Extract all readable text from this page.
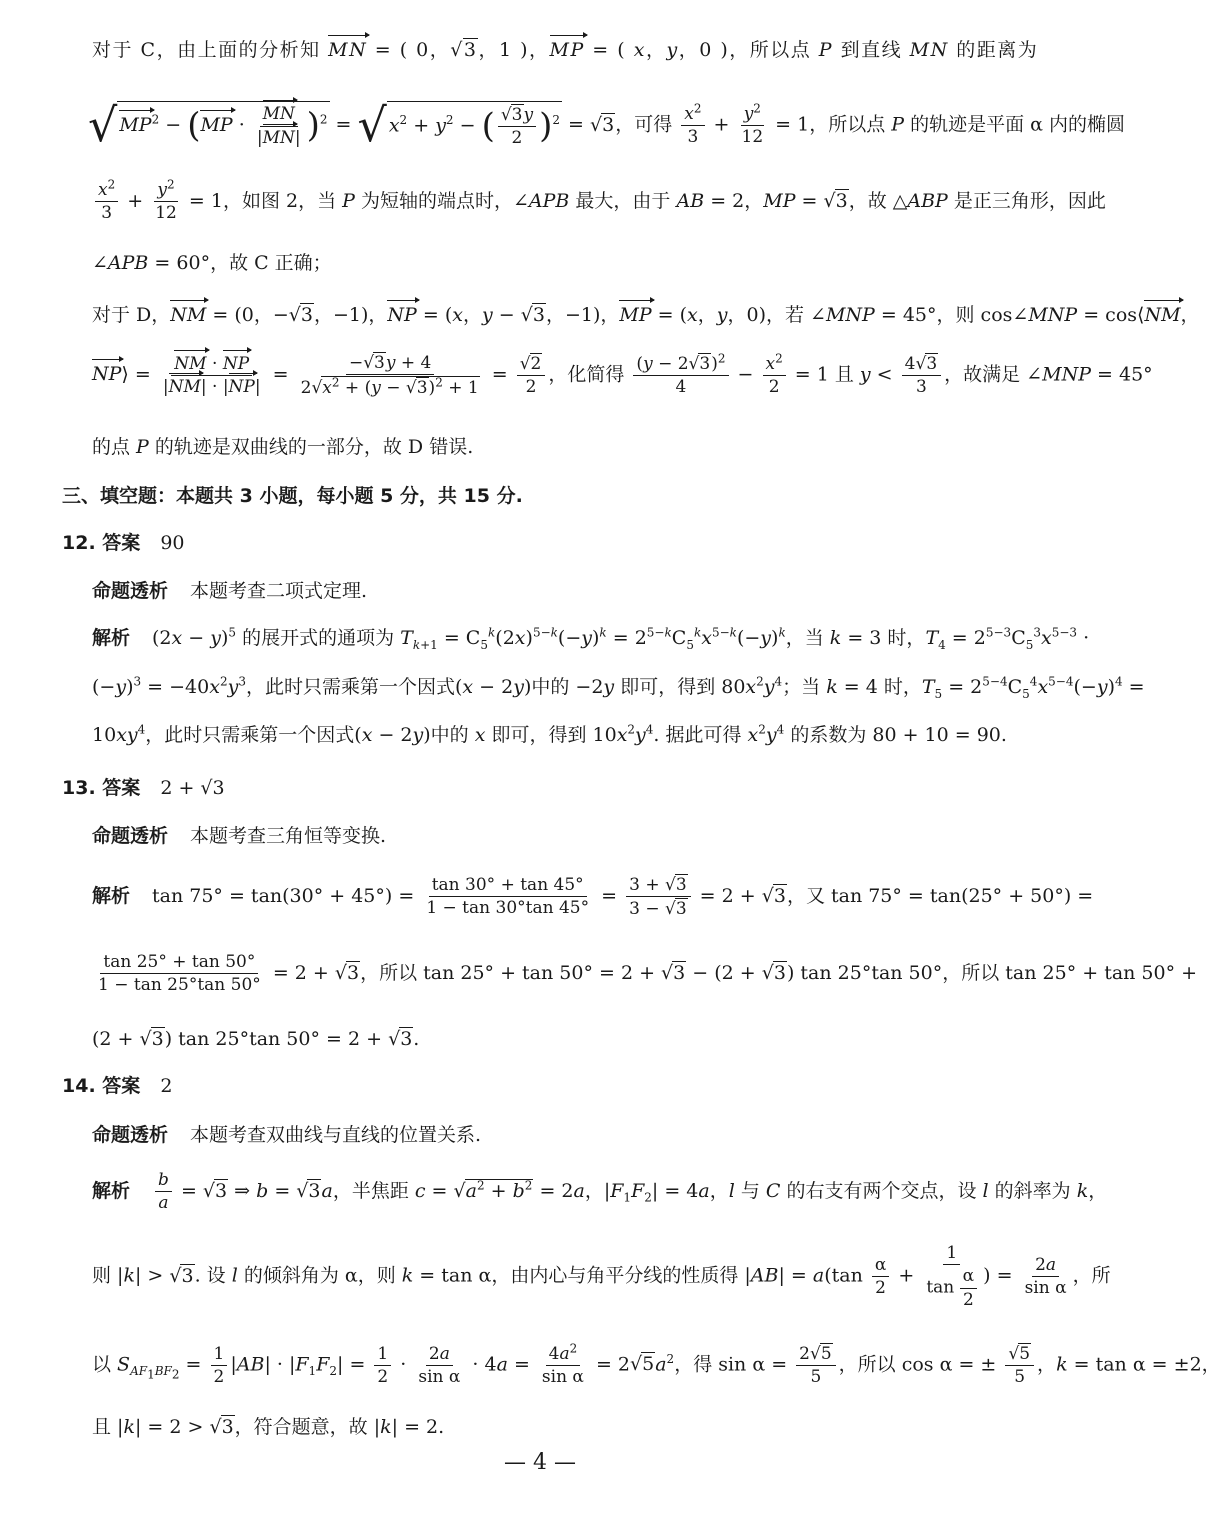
对于 C，由上面的分析知 MN = ( 0，√3，1 )，MP = ( x，y，0 )，所以点 P 到直线 MN 的距离为
√ $MP^2 - (MP \cdot \frac{MN}{|MN|} )^2$ = √ $x^2 + y^2$ − ( $\frac{√3y}{2} )^2 = √3$，可得 $\frac{x^2}{3} + \frac{y^2}{12} = 1$，所以点 P 的轨迹是平面 α 内的椭圆
$\frac{x^2}{3} + \frac{y^2}{12} = 1$，如图 2，当 P 为短轴的端点时，∠APB 最大，由于 AB = 2，MP = √3，故 △ABP 是正三角形，因此
∠APB = 60°，故 C 正确；
对于 D，NM = (0，−√3，−1)，NP = (x，y − √3，−1)，MP = (x，y，0)，若 ∠MNP = 45°，则 cos∠MNP = cos⟨NM，
NP⟩ = $\frac{NM \cdot NP}{|NM| \cdot |NP|} = \frac{-√3y + 4}{2√x^2 + (y - √3)^2 + 1} = \frac{√2}{2}$ ，化简得 $\frac{(y - 2√3)^2}{4} - \frac{x^2}{2} = 1$ 且 $y < \frac{4√3}{3}$ ，故满足 ∠MNP = 45°
的点 P 的轨迹是双曲线的一部分，故 D 错误.
三、填空题：本题共 3 小题，每小题 5 分，共 15 分.
12. 答案 90
命题透析 本题考查二项式定理.
解析 $(2x - y)^5$ 的展开式的通项为 $T_{k+1} = C_5^k(2x)^{5-k}(-y)^k = 2^{5-k}C_5^kx^{5-k}(-y)^k$，当 k = 3 时，$T_4 = 2^{5-3}C_5^3x^{5-3}$ ·
$(-y)^3 = -40x^2y^3$，此时只需乘第一个因式(x − 2y)中的 −2y 即可，得到 $80x^2y^4$；当 k = 4 时，$T_5 = 2^{5-4}C_5^4x^{5-4}(-y)^4$ =
$10xy^4$，此时只需乘第一个因式(x − 2y)中的 x 即可，得到 $10x^2y^4$. 据此可得 $x^2y^4$ 的系数为 80 + 10 = 90.
13. 答案 2 + √3
命题透析 本题考查三角恒等变换.
解析 $\tan 75^\circ = \tan(30^\circ + 45^\circ) = \frac{\tan 30^\circ + \tan 45^\circ}{1 - \tan 30^\circ\tan 45^\circ} = \frac{3 + √3}{3 - √3} = 2 + √3$，又 tan 75° = tan(25° + 50°) =
$\frac{\tan 25^\circ + \tan 50^\circ}{1 - \tan 25^\circ\tan 50^\circ} = 2 + √3$，所以 tan 25° + tan 50° = 2 + √3 − (2 + √3) tan 25°tan 50°，所以 tan 25° + tan 50° +
(2 + √3) tan 25°tan 50° = 2 + √3.
14. 答案 2
命题透析 本题考查双曲线与直线的位置关系.
解析 $\frac{b}{a} = √3$ ⇒ b = √3a，半焦距 $c = √a^2 + b^2 = 2a$，$|F_1F_2| = 4a$，l 与 C 的右支有两个交点，设 l 的斜率为 k，
则 |k| > √3. 设 l 的倾斜角为 α，则 k = tan α，由内心与角平分线的性质得 $|AB| = a(\tan \frac{\alpha}{2} + \frac{1}{\tan \frac{\alpha}{2}}$ ) = $\frac{2a}{\text{sin α}}$ ，所
以 $S_{AF_1BF_2} = \frac{1}{2} |AB| \cdot |F_1F_2| = \frac{1}{2} \cdot \frac{2a}{\text{sin α}} \cdot 4a = \frac{4a^2}{\text{sin α}} = 2√5a^2$，得 $\sin \alpha = \frac{2√5}{5}$ ，所以 cos α = ± $\frac{√5}{5}$ ，k = tan α = ±2，
且 |k| = 2 > √3，符合题意，故 |k| = 2.
— 4 —
